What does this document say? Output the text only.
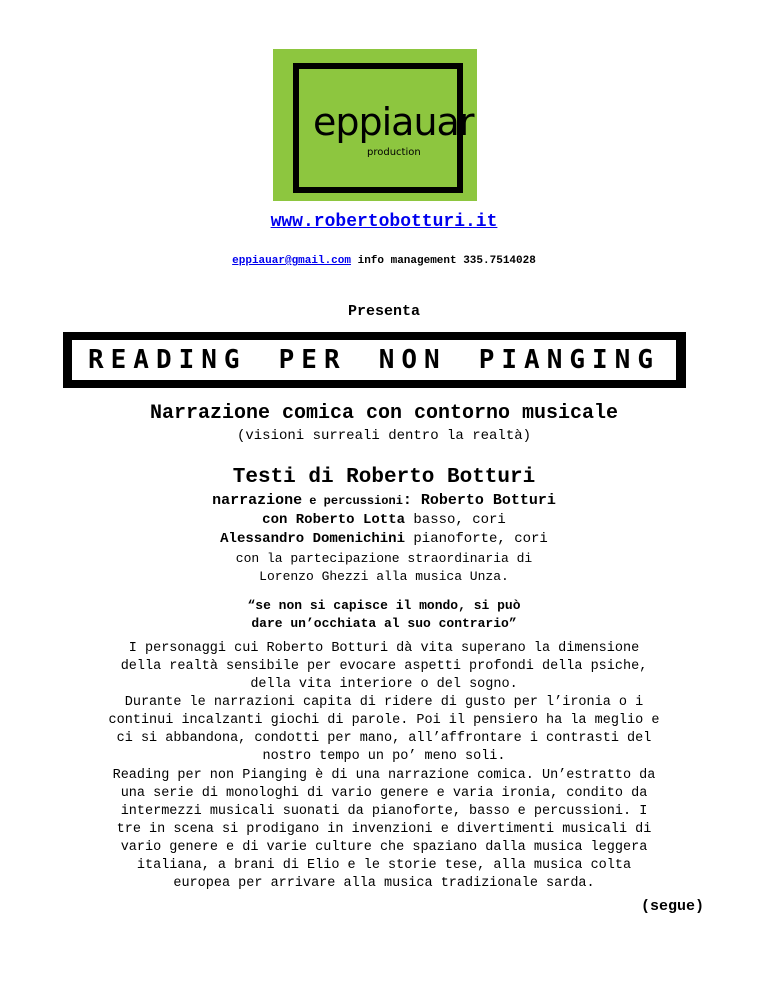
eppiauar
production
www.robertobotturi.it
eppiauar@gmail.com info management 335.7514028
Presenta
READING PER NON PIANGING
Narrazione comica con contorno musicale
(visioni surreali dentro la realtà)
Testi di Roberto Botturi
narrazione e percussioni: Roberto Botturi
con Roberto Lotta basso, cori
Alessandro Domenichini pianoforte, cori
con la partecipazione straordinaria di
Lorenzo Ghezzi alla musica Unza.
“se non si capisce il mondo, si può
dare un’occhiata al suo contrario”

I personaggi cui Roberto Botturi dà vita superano la dimensione

della realtà sensibile per evocare aspetti profondi della psiche,

della vita interiore o del sogno.

Durante le narrazioni capita di ridere di gusto per l’ironia o i

continui incalzanti giochi di parole. Poi il pensiero ha la meglio e

ci si abbandona, condotti per mano, all’affrontare i contrasti del

nostro tempo un po’ meno soli.

Reading per non Pianging è di una narrazione comica. Un’estratto da

una serie di monologhi di vario genere e varia ironia, condito da

intermezzi musicali suonati da pianoforte, basso e percussioni. I

tre in scena si prodigano in invenzioni e divertimenti musicali di

vario genere e di varie culture che spaziano dalla musica leggera

italiana, a brani di Elio e le storie tese, alla musica colta

europea per arrivare alla musica tradizionale sarda.

(segue)
